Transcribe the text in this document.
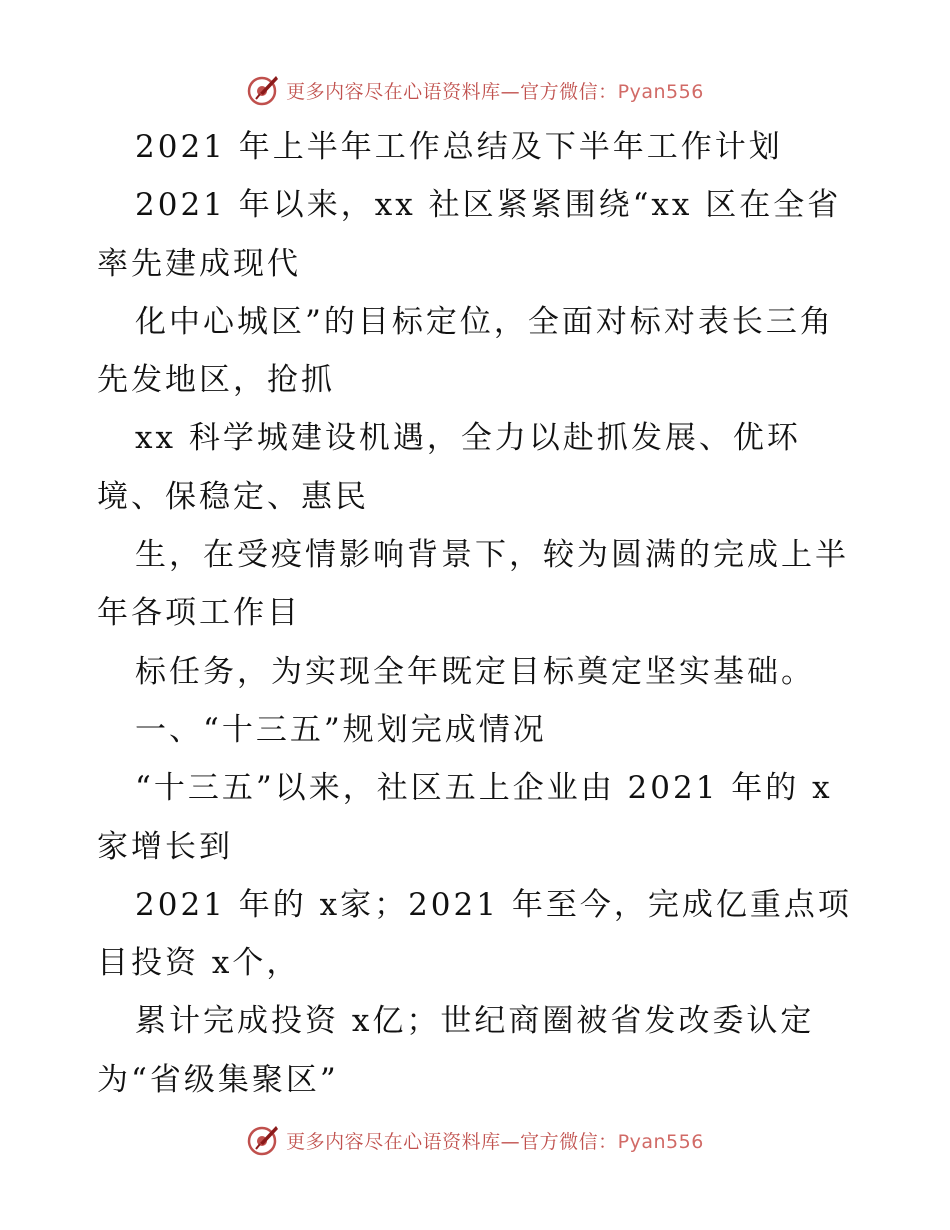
更多内容尽在心语资料库—官方微信：Pyan556
2021 年上半年工作总结及下半年工作计划
2021 年以来，xx 社区紧紧围绕“xx 区在全省
率先建成现代
化中心城区”的目标定位，全面对标对表长三角
先发地区，抢抓
xx 科学城建设机遇，全力以赴抓发展、优环
境、保稳定、惠民
生，在受疫情影响背景下，较为圆满的完成上半
年各项工作目
标任务，为实现全年既定目标奠定坚实基础。
一、“十三五”规划完成情况
“十三五”以来，社区五上企业由 2021 年的 x
家增长到
2021 年的 x家；2021 年至今，完成亿重点项
目投资 x个，
累计完成投资 x亿；世纪商圈被省发改委认定
为“省级集聚区”
更多内容尽在心语资料库—官方微信：Pyan556
